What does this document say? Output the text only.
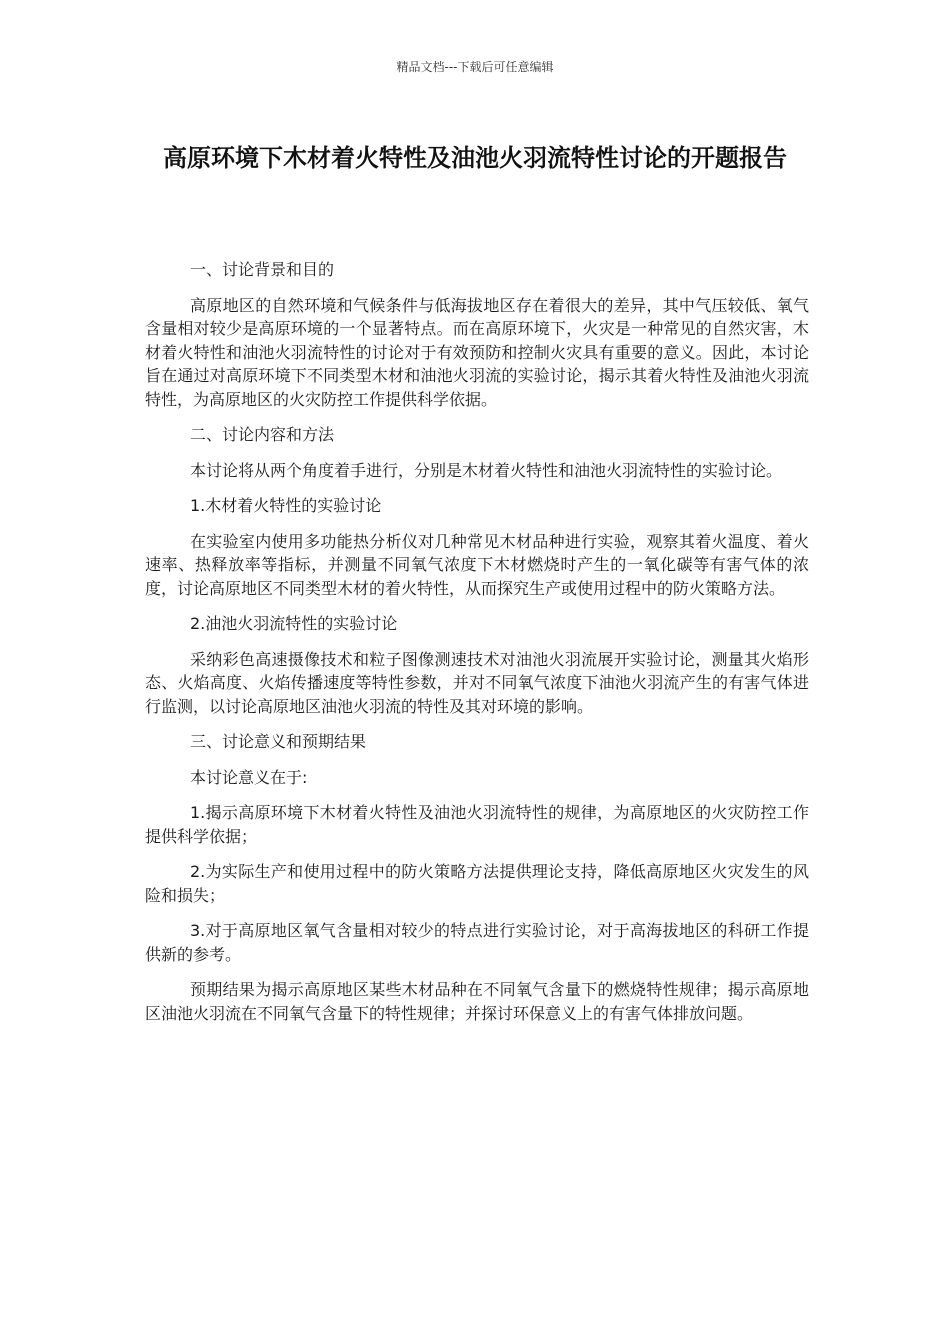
精品文档---下载后可任意编辑
高原环境下木材着火特性及油池火羽流特性讨论的开题报告

一、讨论背景和目的

高原地区的自然环境和气候条件与低海拔地区存在着很大的差异，其中气压较低、氧气含量相对较少是高原环境的一个显著特点。而在高原环境下，火灾是一种常见的自然灾害，木材着火特性和油池火羽流特性的讨论对于有效预防和控制火灾具有重要的意义。因此，本讨论旨在通过对高原环境下不同类型木材和油池火羽流的实验讨论，揭示其着火特性及油池火羽流特性，为高原地区的火灾防控工作提供科学依据。

二、讨论内容和方法

本讨论将从两个角度着手进行，分别是木材着火特性和油池火羽流特性的实验讨论。

1.木材着火特性的实验讨论

在实验室内使用多功能热分析仪对几种常见木材品种进行实验，观察其着火温度、着火速率、热释放率等指标，并测量不同氧气浓度下木材燃烧时产生的一氧化碳等有害气体的浓度，讨论高原地区不同类型木材的着火特性，从而探究生产或使用过程中的防火策略方法。

2.油池火羽流特性的实验讨论

采纳彩色高速摄像技术和粒子图像测速技术对油池火羽流展开实验讨论，测量其火焰形态、火焰高度、火焰传播速度等特性参数，并对不同氧气浓度下油池火羽流产生的有害气体进行监测，以讨论高原地区油池火羽流的特性及其对环境的影响。

三、讨论意义和预期结果

本讨论意义在于:

1.揭示高原环境下木材着火特性及油池火羽流特性的规律，为高原地区的火灾防控工作提供科学依据；

2.为实际生产和使用过程中的防火策略方法提供理论支持，降低高原地区火灾发生的风险和损失；

3.对于高原地区氧气含量相对较少的特点进行实验讨论，对于高海拔地区的科研工作提供新的参考。

预期结果为揭示高原地区某些木材品种在不同氧气含量下的燃烧特性规律；揭示高原地区油池火羽流在不同氧气含量下的特性规律；并探讨环保意义上的有害气体排放问题。
